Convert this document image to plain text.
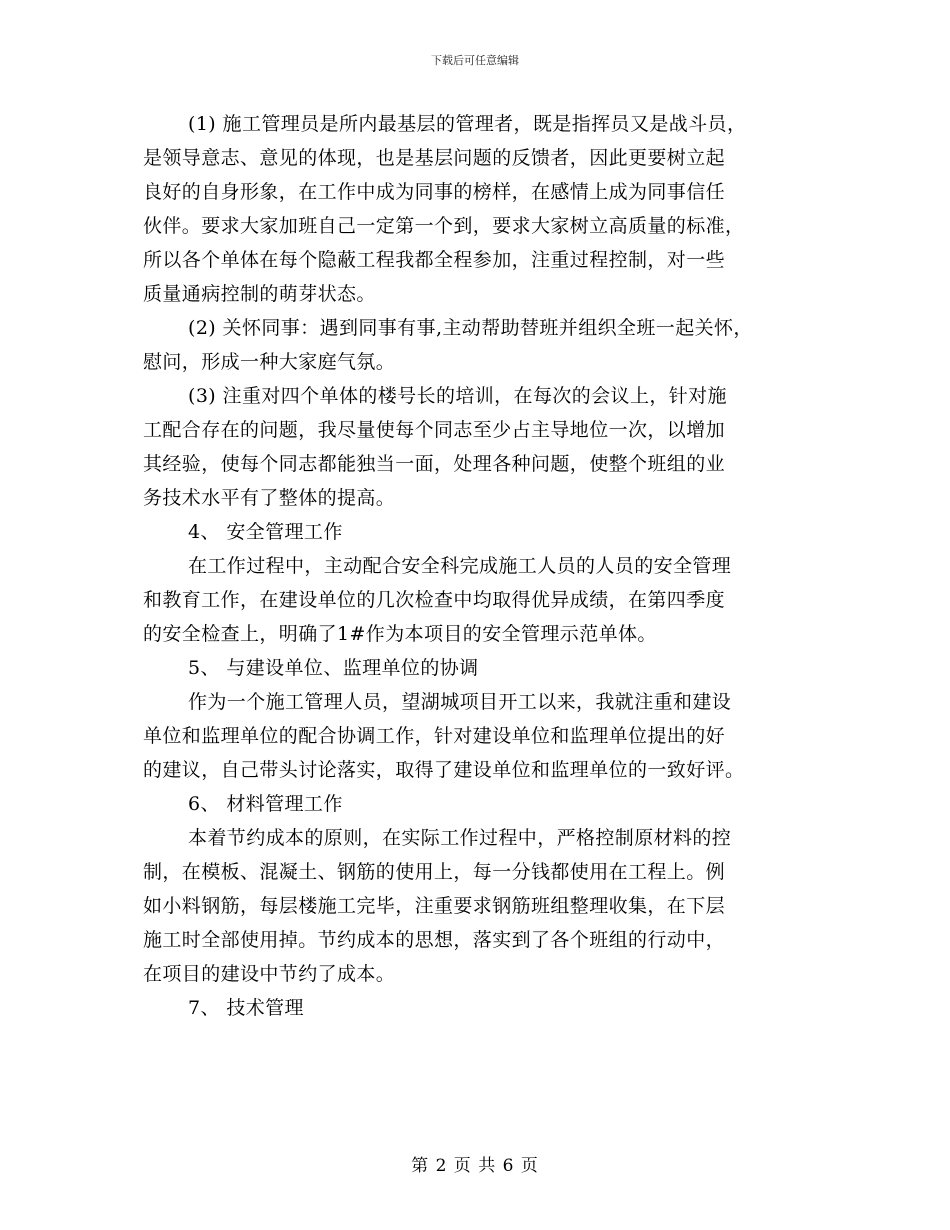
下载后可任意编辑

(1) 施工管理员是所内最基层的管理者，既是指挥员又是战斗员，

是领导意志、意见的体现，也是基层问题的反馈者，因此更要树立起

良好的自身形象，在工作中成为同事的榜样，在感情上成为同事信任

伙伴。要求大家加班自己一定第一个到，要求大家树立高质量的标准，

所以各个单体在每个隐蔽工程我都全程参加，注重过程控制，对一些

质量通病控制的萌芽状态。

(2) 关怀同事：遇到同事有事,主动帮助替班并组织全班一起关怀，

慰问，形成一种大家庭气氛。

(3) 注重对四个单体的楼号长的培训，在每次的会议上，针对施

工配合存在的问题，我尽量使每个同志至少占主导地位一次，以增加

其经验，使每个同志都能独当一面，处理各种问题，使整个班组的业

务技术水平有了整体的提高。

4、 安全管理工作

在工作过程中，主动配合安全科完成施工人员的人员的安全管理

和教育工作，在建设单位的几次检查中均取得优异成绩，在第四季度

的安全检查上，明确了1#作为本项目的安全管理示范单体。

5、 与建设单位、监理单位的协调

作为一个施工管理人员，望湖城项目开工以来，我就注重和建设

单位和监理单位的配合协调工作，针对建设单位和监理单位提出的好

的建议，自己带头讨论落实，取得了建设单位和监理单位的一致好评。

6、 材料管理工作

本着节约成本的原则，在实际工作过程中，严格控制原材料的控

制，在模板、混凝土、钢筋的使用上，每一分钱都使用在工程上。例

如小料钢筋，每层楼施工完毕，注重要求钢筋班组整理收集，在下层

施工时全部使用掉。节约成本的思想，落实到了各个班组的行动中，

在项目的建设中节约了成本。

7、 技术管理

第 2 页 共 6 页
